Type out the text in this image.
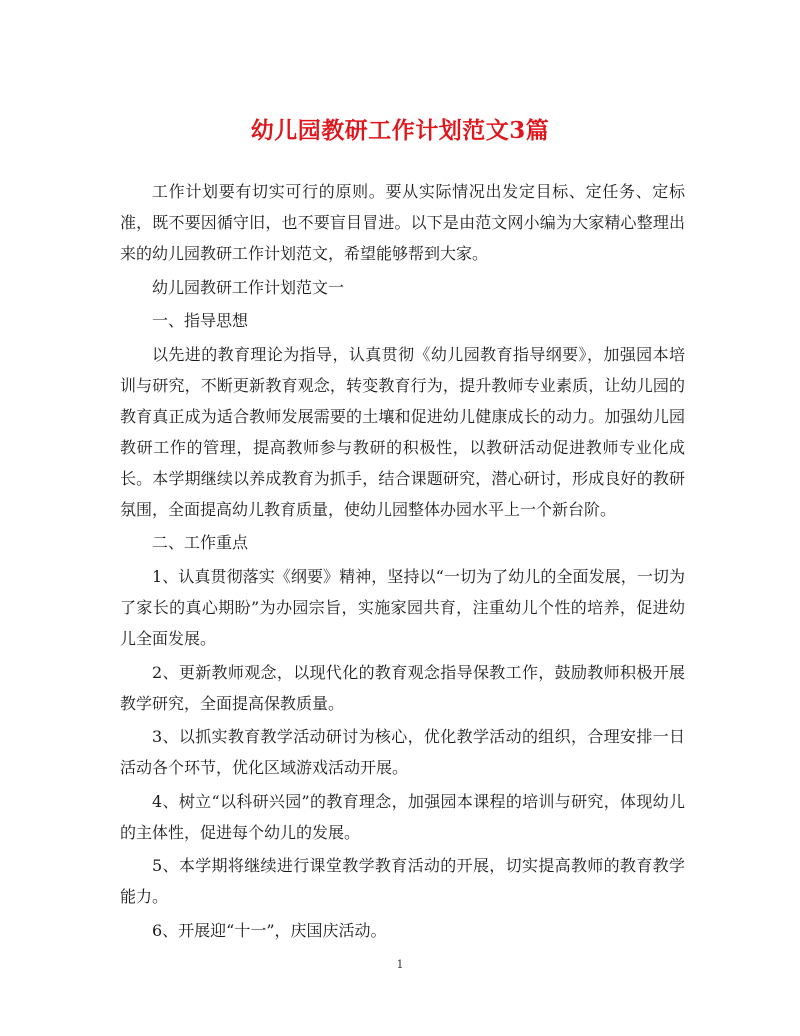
幼儿园教研工作计划范文3篇

工作计划要有切实可行的原则。要从实际情况出发定目标、定任务、定标准，既不要因循守旧，也不要盲目冒进。以下是由范文网小编为大家精心整理出来的幼儿园教研工作计划范文，希望能够帮到大家。

幼儿园教研工作计划范文一

一、指导思想

以先进的教育理论为指导，认真贯彻《幼儿园教育指导纲要》，加强园本培训与研究，不断更新教育观念，转变教育行为，提升教师专业素质，让幼儿园的教育真正成为适合教师发展需要的土壤和促进幼儿健康成长的动力。加强幼儿园教研工作的管理，提高教师参与教研的积极性，以教研活动促进教师专业化成长。本学期继续以养成教育为抓手，结合课题研究，潜心研讨，形成良好的教研氛围，全面提高幼儿教育质量，使幼儿园整体办园水平上一个新台阶。

二、工作重点

1、认真贯彻落实《纲要》精神，坚持以“一切为了幼儿的全面发展，一切为了家长的真心期盼”为办园宗旨，实施家园共育，注重幼儿个性的培养，促进幼儿全面发展。

2、更新教师观念，以现代化的教育观念指导保教工作，鼓励教师积极开展教学研究，全面提高保教质量。

3、以抓实教育教学活动研讨为核心，优化教学活动的组织，合理安排一日活动各个环节，优化区域游戏活动开展。

4、树立“以科研兴园”的教育理念，加强园本课程的培训与研究，体现幼儿的主体性，促进每个幼儿的发展。

5、本学期将继续进行课堂教学教育活动的开展，切实提高教师的教育教学能力。

6、开展迎“十一”，庆国庆活动。

1
